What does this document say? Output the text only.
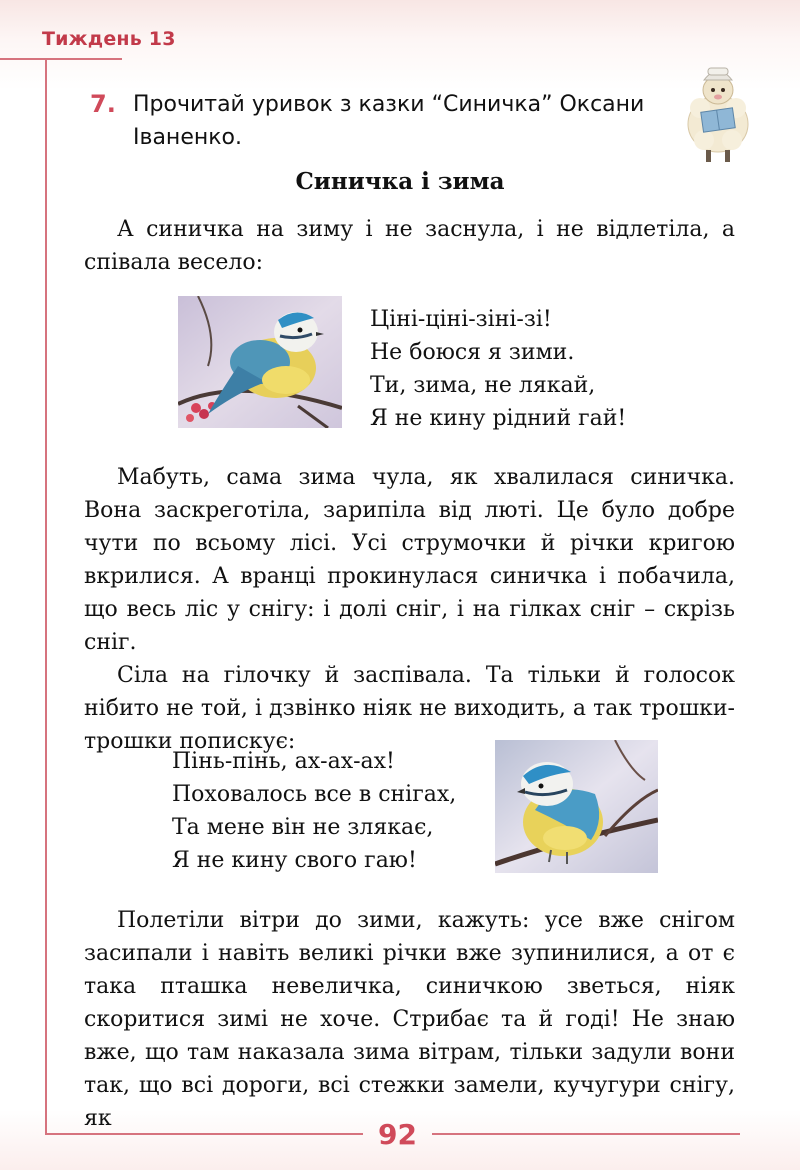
Тиждень 13
7. Прочитай уривок з казки “Синичка” Оксани Іваненко.
Синичка і зима

А синичка на зиму і не заснула, і не відлетіла, а співала весело:

Ціні-ціні-зіні-зі!
Не боюся я зими.
Ти, зима, не лякай,
Я не кину рідний гай!

Мабуть, сама зима чула, як хвалилася синичка. Вона заскреготіла, зарипіла від люті. Це було добре чути по всьому лісі. Усі струмочки й річки кригою вкрилися. А вранці прокинулася синичка і побачила, що весь ліс у снігу: і долі сніг, і на гілках сніг – скрізь сніг.

Сіла на гілочку й заспівала. Та тільки й голосок нібито не той, і дзвінко ніяк не виходить, а так трошки-трошки попискує:

Пінь-пінь, ах-ах-ах!
Поховалось все в снігах,
Та мене він не злякає,
Я не кину свого гаю!

Полетіли вітри до зими, кажуть: усе вже снігом засипали і навіть великі річки вже зупинилися, а от є така пташка невеличка, синичкою зветься, ніяк скоритися зимі не хоче. Стрибає та й годі! Не знаю вже, що там наказала зима вітрам, тільки задули вони так, що всі дороги, всі стежки замели, кучугури снігу, як	92
